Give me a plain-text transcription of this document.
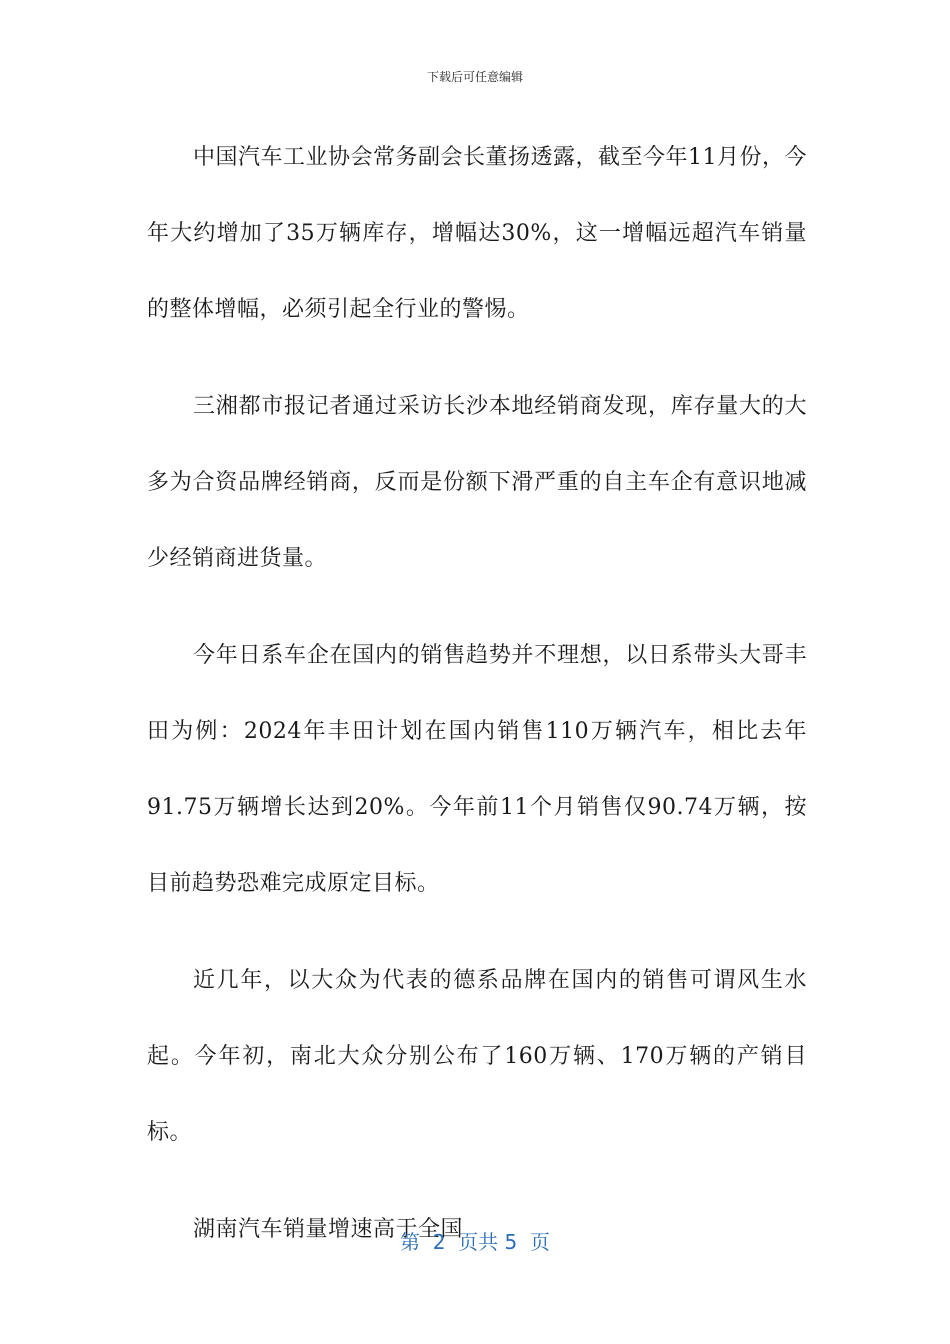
下载后可任意编辑

中国汽车工业协会常务副会长董扬透露，截至今年11月份，今年大约增加了35万辆库存，增幅达30%，这一增幅远超汽车销量的整体增幅，必须引起全行业的警惕。

三湘都市报记者通过采访长沙本地经销商发现，库存量大的大多为合资品牌经销商，反而是份额下滑严重的自主车企有意识地减少经销商进货量。

今年日系车企在国内的销售趋势并不理想，以日系带头大哥丰田为例：2024年丰田计划在国内销售110万辆汽车，相比去年91.75万辆增长达到20%。今年前11个月销售仅90.74万辆，按目前趋势恐难完成原定目标。

近几年，以大众为代表的德系品牌在国内的销售可谓风生水起。今年初，南北大众分别公布了160万辆、170万辆的产销目标。

湖南汽车销量增速高于全国

第  2  页共 5  页
